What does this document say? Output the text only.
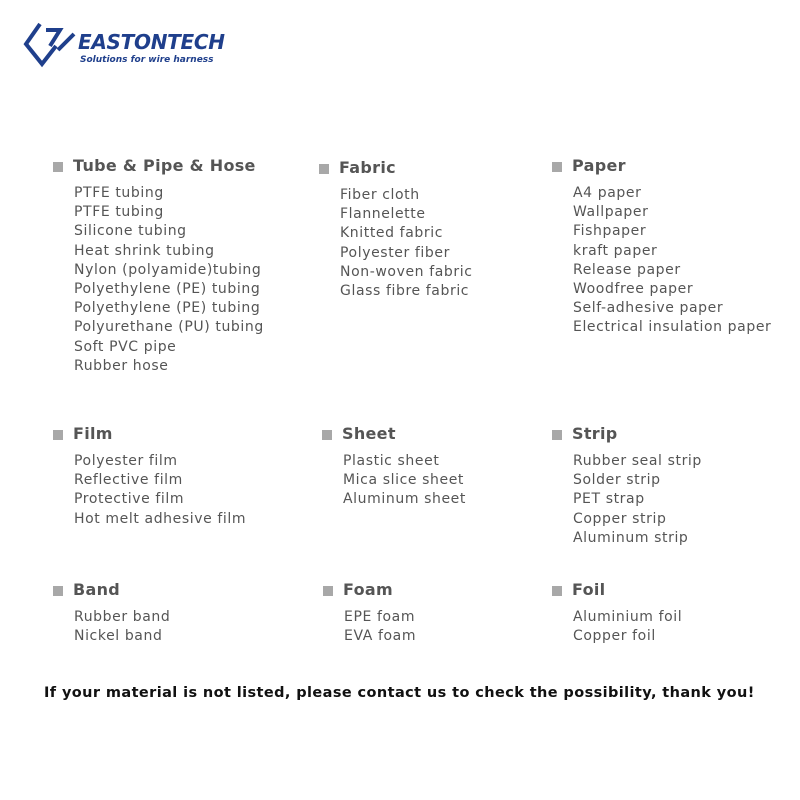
EASTONTECH
Solutions for wire harness
Tube & Pipe & Hose
PTFE tubing
PTFE tubing
Silicone tubing
Heat shrink tubing
Nylon (polyamide)tubing
Polyethylene (PE) tubing
Polyethylene (PE) tubing
Polyurethane (PU) tubing
Soft PVC pipe
Rubber hose
Fabric
Fiber cloth
Flannelette
Knitted fabric
Polyester fiber
Non-woven fabric
Glass fibre fabric
Paper
A4 paper
Wallpaper
Fishpaper
kraft paper
Release paper
Woodfree paper
Self-adhesive paper
Electrical insulation paper
Film
Polyester film
Reflective film
Protective film
Hot melt adhesive film
Sheet
Plastic sheet
Mica slice sheet
Aluminum sheet
Strip
Rubber seal strip
Solder strip
PET strap
Copper strip
Aluminum strip
Band
Rubber band
Nickel band
Foam
EPE foam
EVA foam
Foil
Aluminium foil
Copper foil
If your material is not listed, please contact us to check the possibility, thank you!
